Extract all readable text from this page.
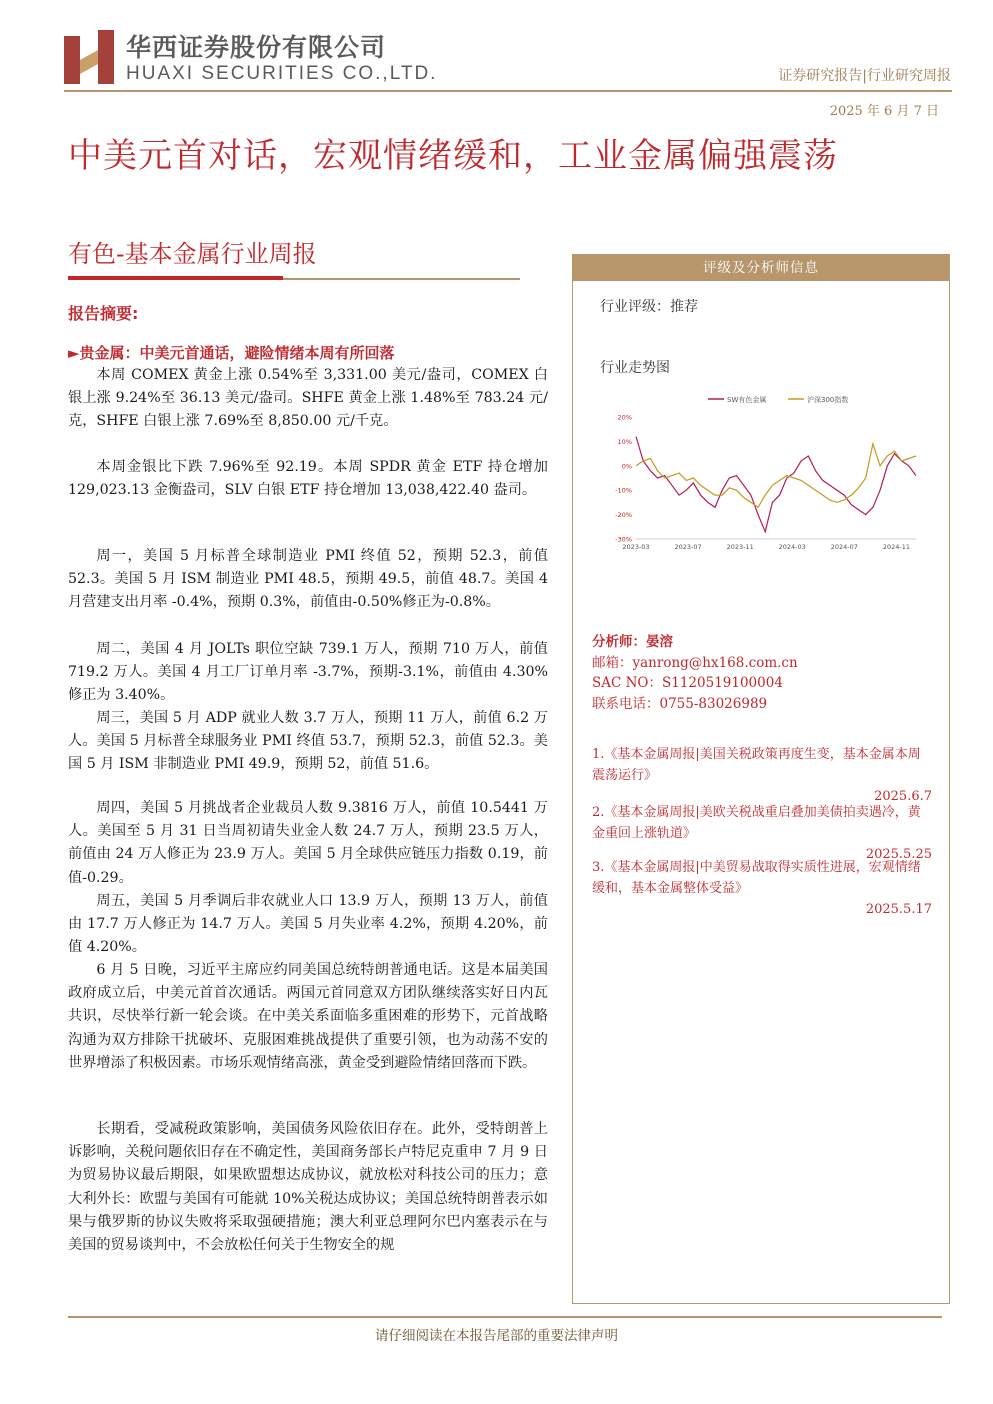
华西证券股份有限公司
HUAXI SECURITIES CO.,LTD.	证券研究报告|行业研究周报
2025 年 6 月 7 日
中美元首对话，宏观情绪缓和，工业金属偏强震荡
有色-基本金属行业周报
报告摘要:
►贵金属：中美元首通话，避险情绪本周有所回落
本周 COMEX 黄金上涨 0.54%至 3,331.00 美元/盎司，COMEX 白银上涨 9.24%至 36.13 美元/盎司。SHFE 黄金上涨 1.48%至 783.24 元/克，SHFE 白银上涨 7.69%至 8,850.00 元/千克。
本周金银比下跌 7.96%至 92.19。本周 SPDR 黄金 ETF 持仓增加 129,023.13 金衡盎司，SLV 白银 ETF 持仓增加 13,038,422.40 盎司。
周一，美国 5 月标普全球制造业 PMI 终值 52，预期 52.3，前值 52.3。美国 5 月 ISM 制造业 PMI 48.5，预期 49.5，前值 48.7。美国 4 月营建支出月率 -0.4%，预期 0.3%，前值由-0.50%修正为-0.8%。
周二，美国 4 月 JOLTs 职位空缺 739.1 万人，预期 710 万人，前值 719.2 万人。美国 4 月工厂订单月率 -3.7%，预期-3.1%，前值由 4.30%修正为 3.40%。
周三，美国 5 月 ADP 就业人数 3.7 万人，预期 11 万人，前值 6.2 万人。美国 5 月标普全球服务业 PMI 终值 53.7，预期 52.3，前值 52.3。美国 5 月 ISM 非制造业 PMI 49.9，预期 52，前值 51.6。
周四，美国 5 月挑战者企业裁员人数 9.3816 万人，前值 10.5441 万人。美国至 5 月 31 日当周初请失业金人数 24.7 万人，预期 23.5 万人，前值由 24 万人修正为 23.9 万人。美国 5 月全球供应链压力指数 0.19，前值-0.29。
周五，美国 5 月季调后非农就业人口 13.9 万人，预期 13 万人，前值由 17.7 万人修正为 14.7 万人。美国 5 月失业率 4.2%，预期 4.20%，前值 4.20%。
6 月 5 日晚，习近平主席应约同美国总统特朗普通电话。这是本届美国政府成立后，中美元首首次通话。两国元首同意双方团队继续落实好日内瓦共识，尽快举行新一轮会谈。在中美关系面临多重困难的形势下，元首战略沟通为双方排除干扰破坏、克服困难挑战提供了重要引领，也为动荡不安的世界增添了积极因素。市场乐观情绪高涨，黄金受到避险情绪回落而下跌。
长期看，受减税政策影响，美国债务风险依旧存在。此外，受特朗普上诉影响，关税问题依旧存在不确定性，美国商务部长卢特尼克重申 7 月 9 日为贸易协议最后期限，如果欧盟想达成协议，就放松对科技公司的压力；意大利外长：欧盟与美国有可能就 10%关税达成协议；美国总统特朗普表示如果与俄罗斯的协议失败将采取强硬措施；澳大利亚总理阿尔巴内塞表示在与美国的贸易谈判中，不会放松任何关于生物安全的规
评级及分析师信息
行业评级：推荐
行业走势图
SW有色金属	沪深300指数
20%
10%
0%
-10%
-20%
-30%
2023-03	2023-07	2023-11	2024-03	2024-07	2024-11
分析师：晏溶
邮箱：yanrong@hx168.com.cn
SAC NO：S1120519100004
联系电话：0755-83026989
1.《基本金属周报|美国关税政策再度生变，基本金属本周震荡运行》
2025.6.7
2.《基本金属周报|美欧关税战重启叠加美债拍卖遇冷，黄金重回上涨轨道》
2025.5.25
3.《基本金属周报|中美贸易战取得实质性进展，宏观情绪缓和，基本金属整体受益》
2025.5.17
请仔细阅读在本报告尾部的重要法律声明
